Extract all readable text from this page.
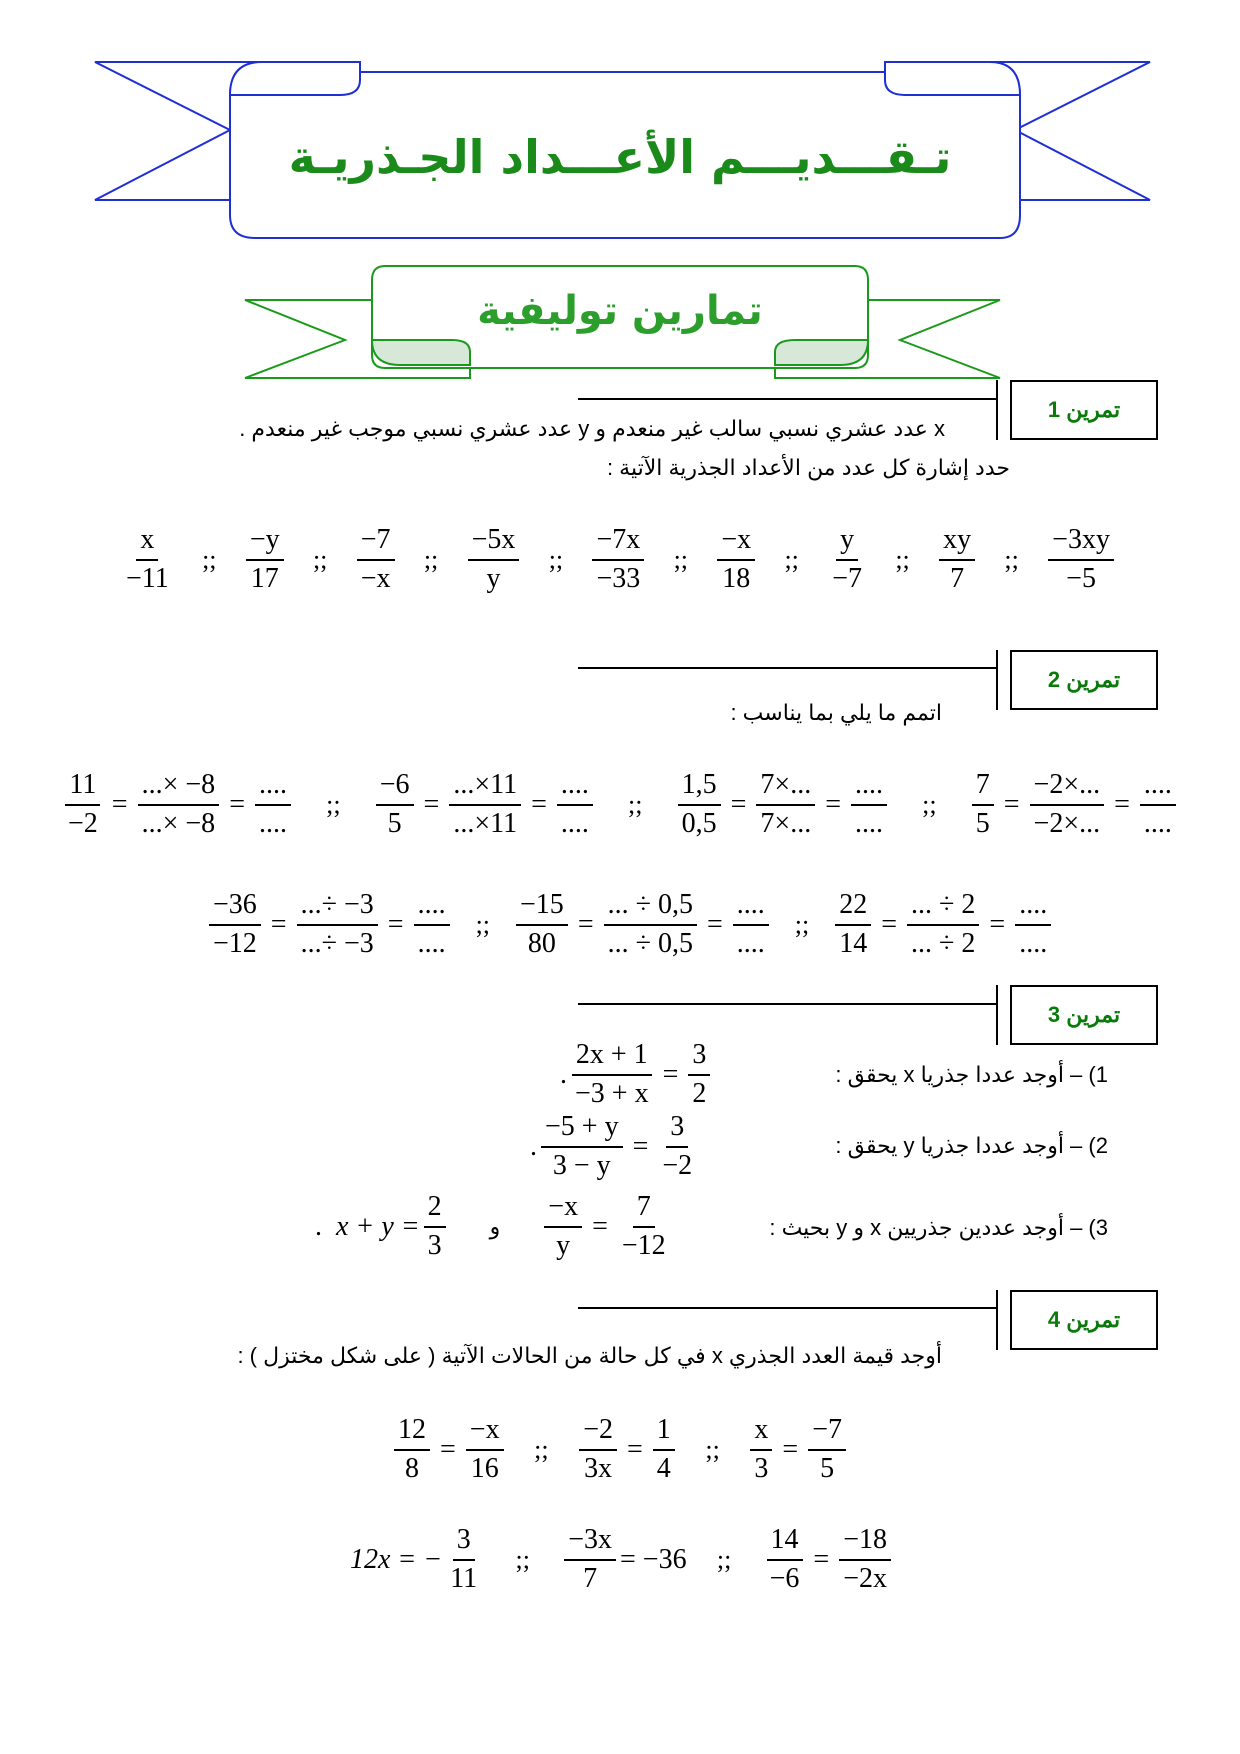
تـقـــديـــم الأعـــداد الجـذريـة
تمارين توليفية
تمرين 1
x عدد عشري نسبي سالب غير منعدم و y عدد عشري نسبي موجب غير منعدم .
حدد إشارة كل عدد من الأعداد الجذرية الآتية :
$\frac{x}{-11}$ ;; $\frac{-y}{17}$ ;; $\frac{-7}{-x}$ ;; $\frac{-5x}{y}$ ;; $\frac{-7x}{-33}$ ;; $\frac{-x}{18}$ ;; $\frac{y}{-7}$ ;; $\frac{xy}{7}$ ;; $\frac{-3xy}{-5}$
تمرين 2
اتمم ما يلي بما يناسب :
$\frac{11}{-2} = \frac{...\times -8}{...\times -8} = \frac{....}{....}$ ;; $\frac{-6}{5} = \frac{...\times 11}{...\times 11} = \frac{....}{....}$ ;; $\frac{1,5}{0,5} = \frac{7\times...}{7\times...} = \frac{....}{....}$ ;; $\frac{7}{5} = \frac{-2\times...}{-2\times...} = \frac{....}{....}$
$\frac{-36}{-12} = \frac{...\div -3}{...\div -3} = \frac{....}{....}$ ;; $\frac{-15}{80} = \frac{... \div 0,5}{... \div 0,5} = \frac{....}{....}$ ;; $\frac{22}{14} = \frac{... \div 2}{... \div 2} = \frac{....}{....}$
تمرين 3
1) – أوجد عددا جذريا x يحقق :
. $\frac{2x + 1}{-3 + x} = \frac{3}{2}$
2) – أوجد عددا جذريا y يحقق :
. $\frac{-5 + y}{3 - y} = \frac{3}{-2}$
3) – أوجد عددين جذريين x و y بحيث :
. $x + y = \frac{2}{3}$ و $\frac{-x}{y} = \frac{7}{-12}$
تمرين 4
أوجد قيمة العدد الجذري x في كل حالة من الحالات الآتية ( على شكل مختزل ) :
$\frac{12}{8} = \frac{-x}{16}$ ;; $\frac{-2}{3x} = \frac{1}{4}$ ;; $\frac{x}{3} = \frac{-7}{5}$
12x = − $\frac{3}{11}$ ;; $\frac{-3x}{7} = -36$ ;; $\frac{14}{-6} = \frac{-18}{-2x}$
